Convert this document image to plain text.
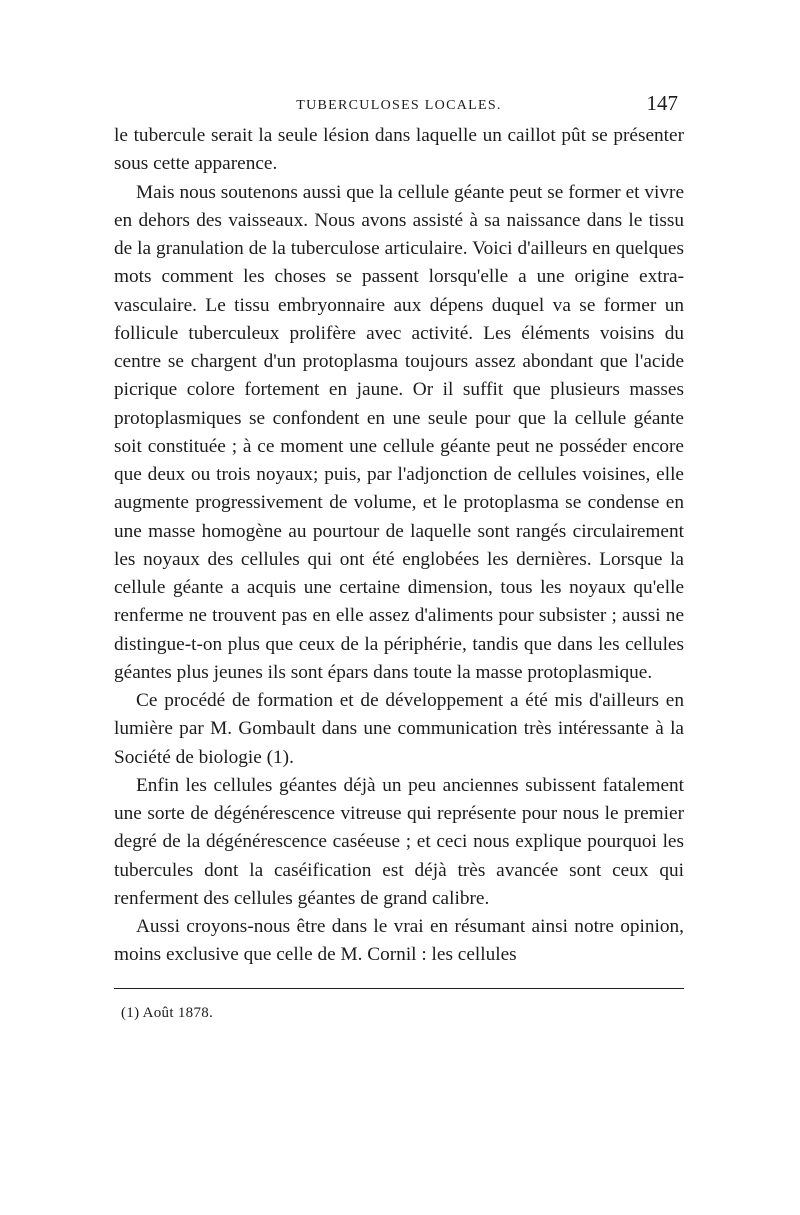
TUBERCULOSES LOCALES.	147

le tubercule serait la seule lésion dans laquelle un caillot pût se présenter sous cette apparence.

Mais nous soutenons aussi que la cellule géante peut se former et vivre en dehors des vaisseaux. Nous avons assisté à sa naissance dans le tissu de la granulation de la tuberculose articulaire. Voici d'ailleurs en quelques mots comment les choses se passent lorsqu'elle a une origine extra-vasculaire. Le tissu embryonnaire aux dépens duquel va se former un follicule tuberculeux prolifère avec activité. Les éléments voisins du centre se chargent d'un protoplasma toujours assez abondant que l'acide picrique colore fortement en jaune. Or il suffit que plusieurs masses protoplasmiques se confondent en une seule pour que la cellule géante soit constituée ; à ce moment une cellule géante peut ne posséder encore que deux ou trois noyaux; puis, par l'adjonction de cellules voisines, elle augmente progressivement de volume, et le protoplasma se condense en une masse homogène au pourtour de laquelle sont rangés circulairement les noyaux des cellules qui ont été englobées les dernières. Lorsque la cellule géante a acquis une certaine dimension, tous les noyaux qu'elle renferme ne trouvent pas en elle assez d'aliments pour subsister ; aussi ne distingue-t-on plus que ceux de la périphérie, tandis que dans les cellules géantes plus jeunes ils sont épars dans toute la masse protoplasmique.

Ce procédé de formation et de développement a été mis d'ailleurs en lumière par M. Gombault dans une communication très intéressante à la Société de biologie (1).

Enfin les cellules géantes déjà un peu anciennes subissent fatalement une sorte de dégénérescence vitreuse qui représente pour nous le premier degré de la dégénérescence caséeuse ; et ceci nous explique pourquoi les tubercules dont la caséification est déjà très avancée sont ceux qui renferment des cellules géantes de grand calibre.

Aussi croyons-nous être dans le vrai en résumant ainsi notre opinion, moins exclusive que celle de M. Cornil : les cellules

(1) Août 1878.
